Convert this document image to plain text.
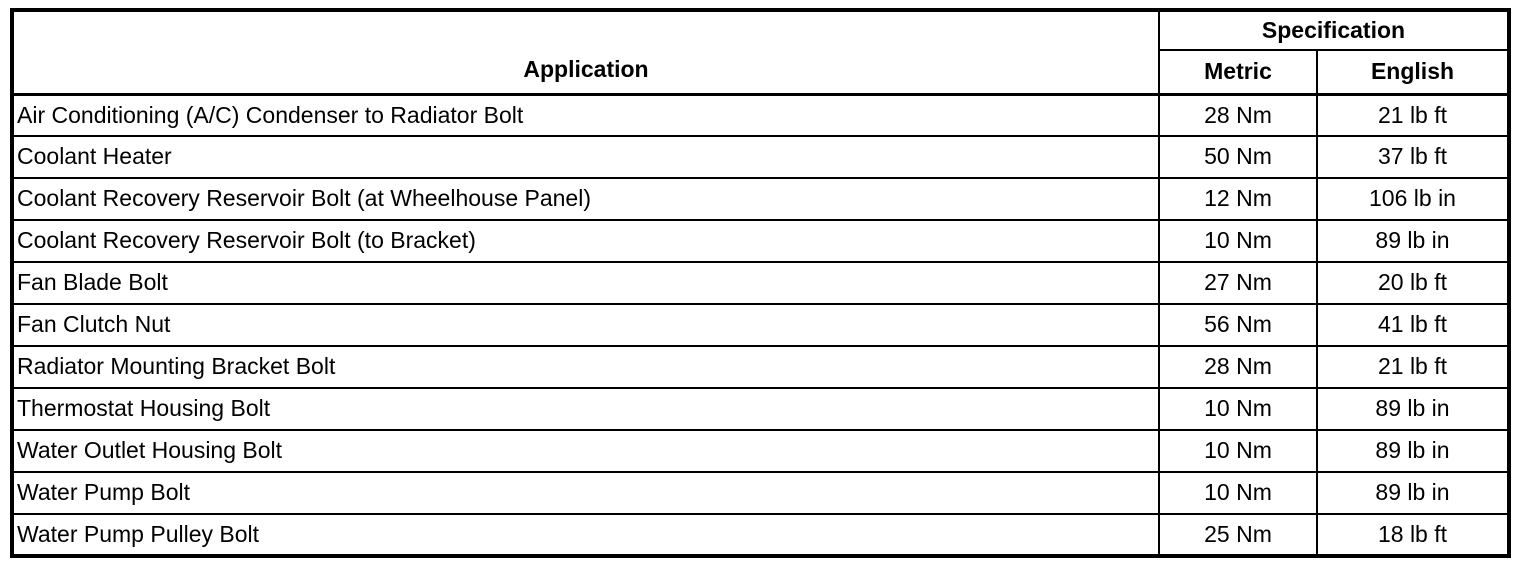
Application	Specification	
	Metric	English
Air Conditioning (A/C) Condenser to Radiator Bolt	28 Nm	21 lb ft
Coolant Heater	50 Nm	37 lb ft
Coolant Recovery Reservoir Bolt (at Wheelhouse Panel)	12 Nm	106 lb in
Coolant Recovery Reservoir Bolt (to Bracket)	10 Nm	89 lb in
Fan Blade Bolt	27 Nm	20 lb ft
Fan Clutch Nut	56 Nm	41 lb ft
Radiator Mounting Bracket Bolt	28 Nm	21 lb ft
Thermostat Housing Bolt	10 Nm	89 lb in
Water Outlet Housing Bolt	10 Nm	89 lb in
Water Pump Bolt	10 Nm	89 lb in
Water Pump Pulley Bolt	25 Nm	18 lb ft
